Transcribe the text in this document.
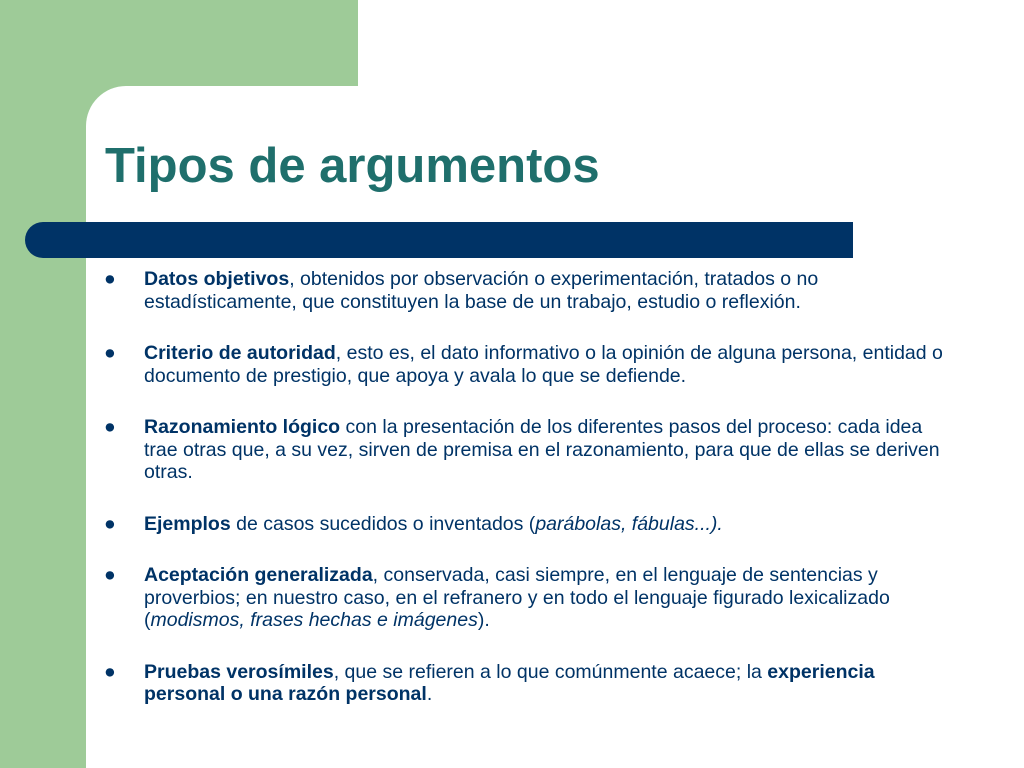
Tipos de argumentos
● Datos objetivos, obtenidos por observación o experimentación, tratados o no estadísticamente, que constituyen la base de un trabajo, estudio o reflexión.
● Criterio de autoridad, esto es, el dato informativo o la opinión de alguna persona, entidad o documento de prestigio, que apoya y avala lo que se defiende.
● Razonamiento lógico con la presentación de los diferentes pasos del proceso: cada idea trae otras que, a su vez, sirven de premisa en el razonamiento, para que de ellas se deriven otras.
● Ejemplos de casos sucedidos o inventados (parábolas, fábulas...).
● Aceptación generalizada, conservada, casi siempre, en el lenguaje de sentencias y proverbios; en nuestro caso, en el refranero y en todo el lenguaje figurado lexicalizado (modismos, frases hechas e imágenes).
● Pruebas verosímiles, que se refieren a lo que comúnmente acaece; la experiencia personal o una razón personal.
